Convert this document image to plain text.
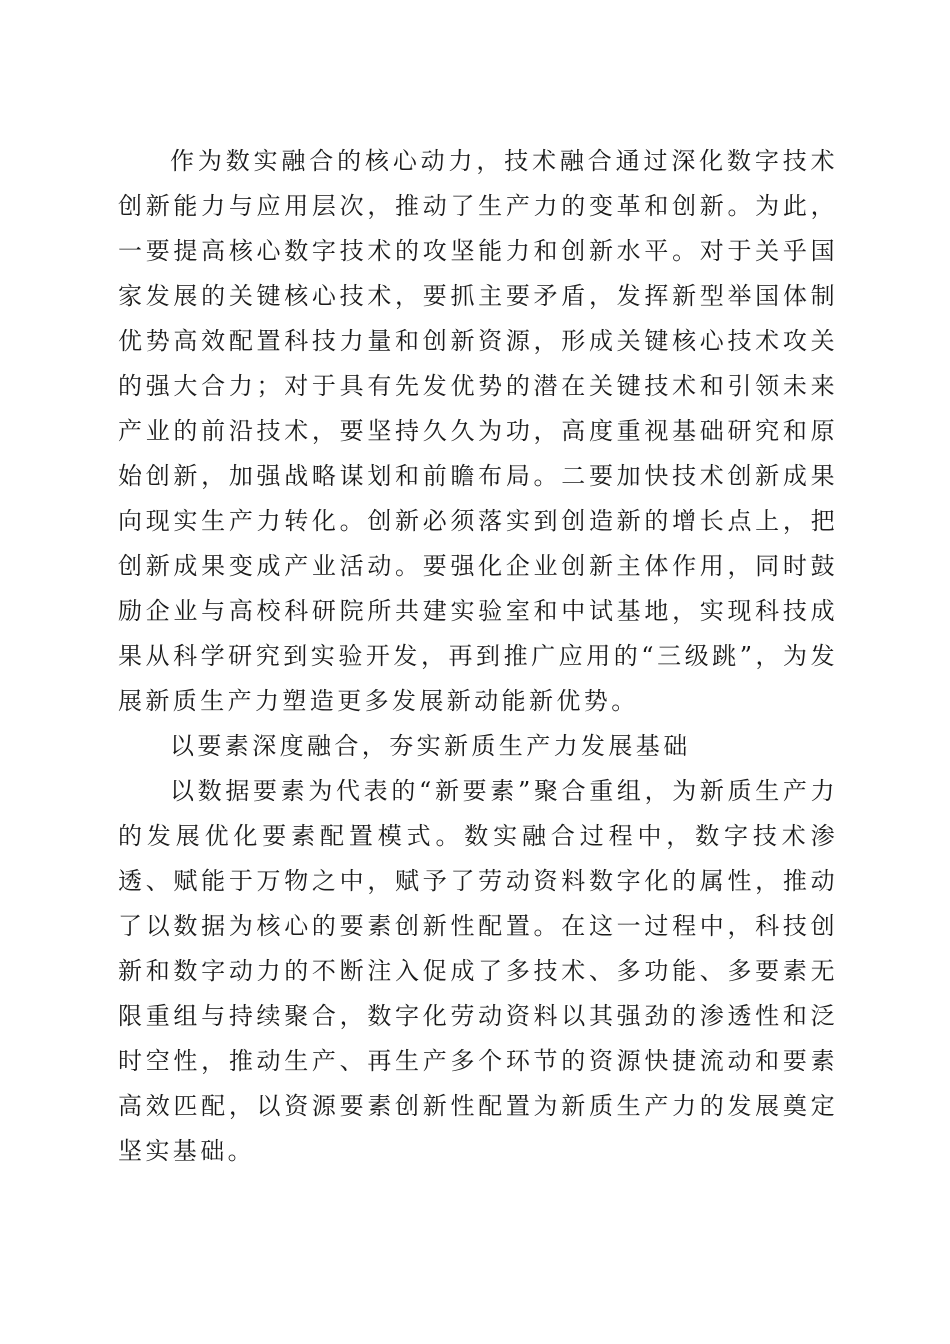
作为数实融合的核心动力，技术融合通过深化数字技术创新能力与应用层次，推动了生产力的变革和创新。为此，一要提高核心数字技术的攻坚能力和创新水平。对于关乎国家发展的关键核心技术，要抓主要矛盾，发挥新型举国体制优势高效配置科技力量和创新资源，形成关键核心技术攻关的强大合力；对于具有先发优势的潜在关键技术和引领未来产业的前沿技术，要坚持久久为功，高度重视基础研究和原始创新，加强战略谋划和前瞻布局。二要加快技术创新成果向现实生产力转化。创新必须落实到创造新的增长点上，把创新成果变成产业活动。要强化企业创新主体作用，同时鼓励企业与高校科研院所共建实验室和中试基地，实现科技成果从科学研究到实验开发，再到推广应用的“三级跳”，为发展新质生产力塑造更多发展新动能新优势。

以要素深度融合，夯实新质生产力发展基础

以数据要素为代表的“新要素”聚合重组，为新质生产力的发展优化要素配置模式。数实融合过程中，数字技术渗透、赋能于万物之中，赋予了劳动资料数字化的属性，推动了以数据为核心的要素创新性配置。在这一过程中，科技创新和数字动力的不断注入促成了多技术、多功能、多要素无限重组与持续聚合，数字化劳动资料以其强劲的渗透性和泛时空性，推动生产、再生产多个环节的资源快捷流动和要素高效匹配，以资源要素创新性配置为新质生产力的发展奠定坚实基础。
